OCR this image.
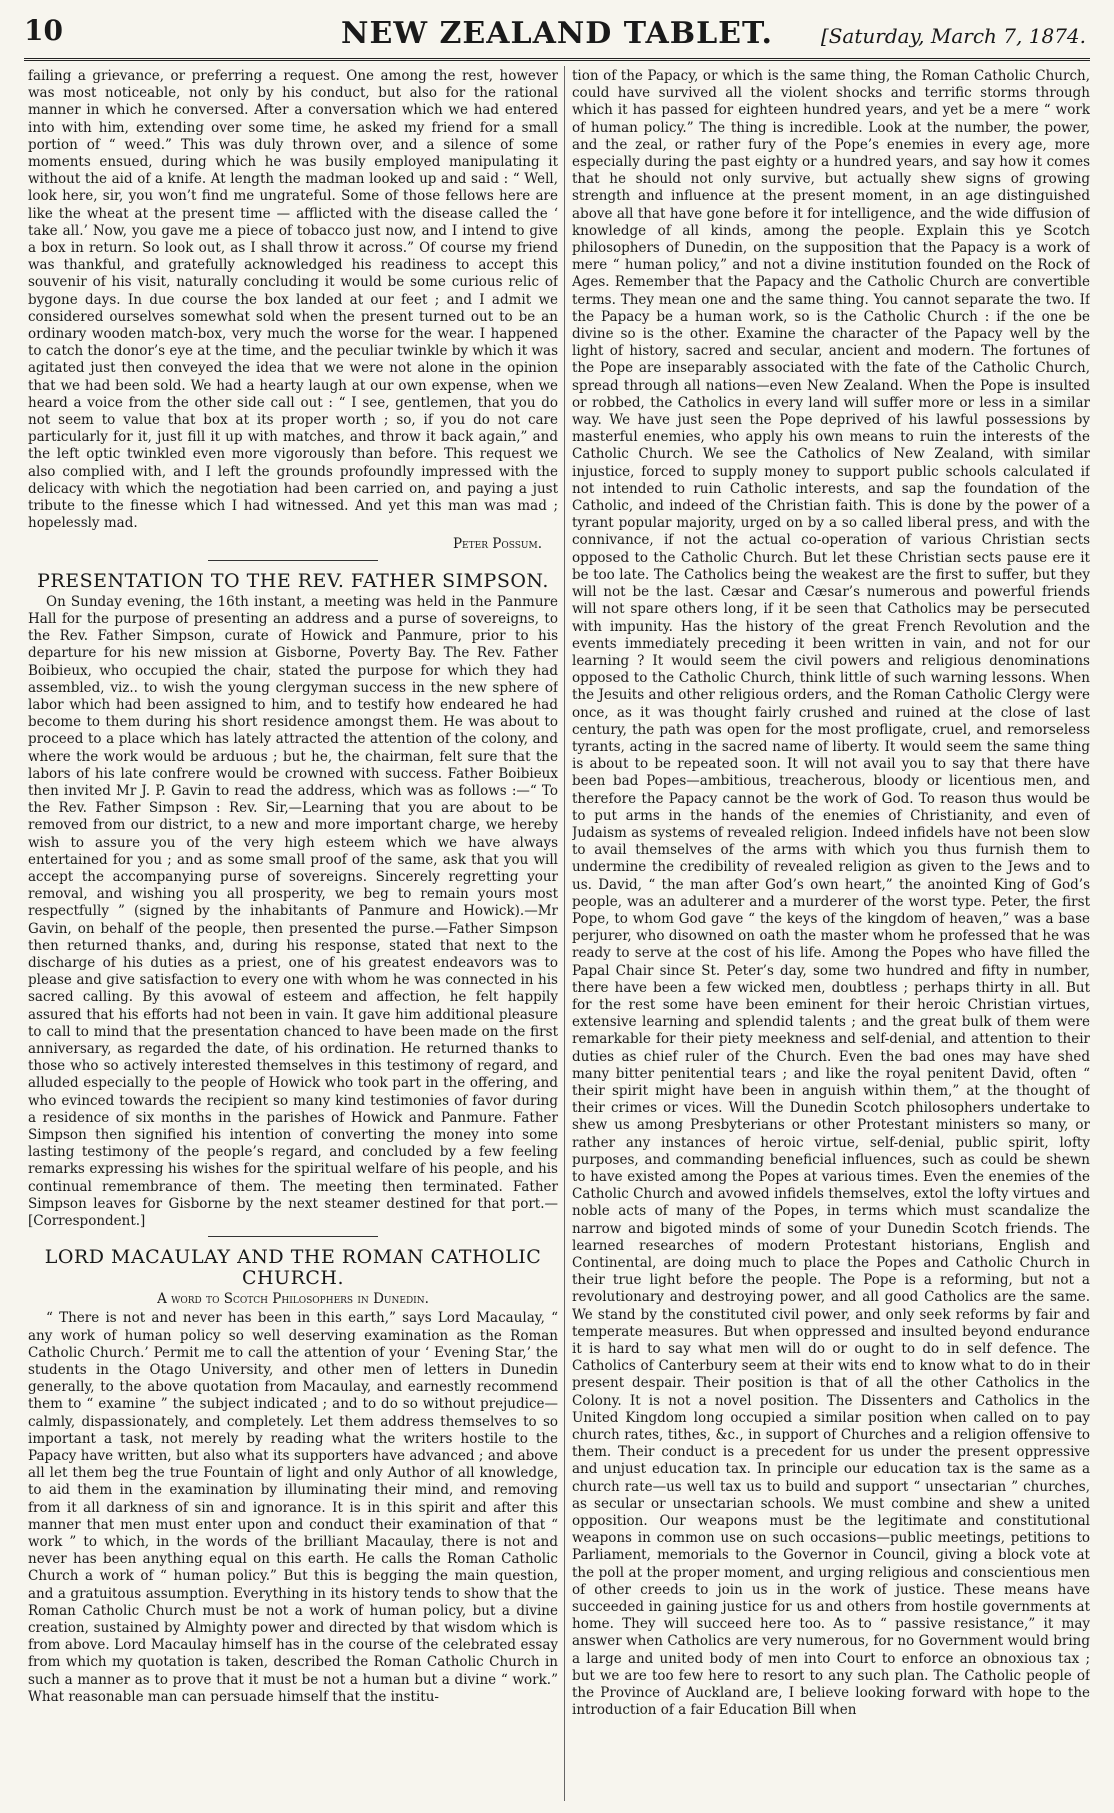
10	NEW ZEALAND TABLET.	[Saturday, March 7, 1874.

failing a grievance, or preferring a request. One among the rest, however was most noticeable, not only by his conduct, but also for the rational manner in which he conversed. After a conversation which we had entered into with him, extending over some time, he asked my friend for a small portion of “ weed.” This was duly thrown over, and a silence of some moments ensued, during which he was busily employed manipulating it without the aid of a knife. At length the madman looked up and said : “ Well, look here, sir, you won’t find me ungrateful. Some of those fellows here are like the wheat at the present time — afflicted with the disease called the ‘ take all.’ Now, you gave me a piece of tobacco just now, and I intend to give a box in return. So look out, as I shall throw it across.” Of course my friend was thankful, and gratefully acknowledged his readiness to accept this souvenir of his visit, naturally concluding it would be some curious relic of bygone days. In due course the box landed at our feet ; and I admit we considered ourselves somewhat sold when the present turned out to be an ordinary wooden match-box, very much the worse for the wear. I happened to catch the donor’s eye at the time, and the peculiar twinkle by which it was agitated just then conveyed the idea that we were not alone in the opinion that we had been sold. We had a hearty laugh at our own expense, when we heard a voice from the other side call out : “ I see, gentlemen, that you do not seem to value that box at its proper worth ; so, if you do not care particularly for it, just fill it up with matches, and throw it back again,” and the left optic twinkled even more vigorously than before. This request we also complied with, and I left the grounds profoundly impressed with the delicacy with which the negotiation had been carried on, and paying a just tribute to the finesse which I had witnessed. And yet this man was mad ; hopelessly mad.

Peter Possum.
PRESENTATION TO THE REV. FATHER SIMPSON.

On Sunday evening, the 16th instant, a meeting was held in the Panmure Hall for the purpose of presenting an address and a purse of sovereigns, to the Rev. Father Simpson, curate of Howick and Panmure, prior to his departure for his new mission at Gisborne, Poverty Bay. The Rev. Father Boibieux, who occupied the chair, stated the purpose for which they had assembled, viz.. to wish the young clergyman success in the new sphere of labor which had been assigned to him, and to testify how endeared he had become to them during his short residence amongst them. He was about to proceed to a place which has lately attracted the attention of the colony, and where the work would be arduous ; but he, the chairman, felt sure that the labors of his late confrere would be crowned with success. Father Boibieux then invited Mr J. P. Gavin to read the address, which was as follows :—“ To the Rev. Father Simpson : Rev. Sir,—Learning that you are about to be removed from our district, to a new and more important charge, we hereby wish to assure you of the very high esteem which we have always entertained for you ; and as some small proof of the same, ask that you will accept the accompanying purse of sovereigns. Sincerely regretting your removal, and wishing you all prosperity, we beg to remain yours most respectfully ” (signed by the inhabitants of Panmure and Howick).—Mr Gavin, on behalf of the people, then presented the purse.—Father Simpson then returned thanks, and, during his response, stated that next to the discharge of his duties as a priest, one of his greatest endeavors was to please and give satisfaction to every one with whom he was connected in his sacred calling. By this avowal of esteem and affection, he felt happily assured that his efforts had not been in vain. It gave him additional pleasure to call to mind that the presentation chanced to have been made on the first anniversary, as regarded the date, of his ordination. He returned thanks to those who so actively interested themselves in this testimony of regard, and alluded especially to the people of Howick who took part in the offering, and who evinced towards the recipient so many kind testimonies of favor during a residence of six months in the parishes of Howick and Panmure. Father Simpson then signified his intention of converting the money into some lasting testimony of the people’s regard, and concluded by a few feeling remarks expressing his wishes for the spiritual welfare of his people, and his continual remembrance of them. The meeting then terminated. Father Simpson leaves for Gisborne by the next steamer destined for that port.—[Correspondent.]

LORD MACAULAY AND THE ROMAN CATHOLIC CHURCH.
A word to Scotch Philosophers in Dunedin.

“ There is not and never has been in this earth,” says Lord Macaulay, “ any work of human policy so well deserving examination as the Roman Catholic Church.’ Permit me to call the attention of your ‘ Evening Star,’ the students in the Otago University, and other men of letters in Dunedin generally, to the above quotation from Macaulay, and earnestly recommend them to “ examine ” the subject indicated ; and to do so without prejudice—calmly, dispassionately, and completely. Let them address themselves to so important a task, not merely by reading what the writers hostile to the Papacy have written, but also what its supporters have advanced ; and above all let them beg the true Fountain of light and only Author of all knowledge, to aid them in the examination by illuminating their mind, and removing from it all darkness of sin and ignorance. It is in this spirit and after this manner that men must enter upon and conduct their examination of that “ work ” to which, in the words of the brilliant Macaulay, there is not and never has been anything equal on this earth. He calls the Roman Catholic Church a work of “ human policy.” But this is begging the main question, and a gratuitous assumption. Everything in its history tends to show that the Roman Catholic Church must be not a work of human policy, but a divine creation, sustained by Almighty power and directed by that wisdom which is from above. Lord Macaulay himself has in the course of the celebrated essay from which my quotation is taken, described the Roman Catholic Church in such a manner as to prove that it must be not a human but a divine “ work.” What reasonable man can persuade himself that the institu-

tion of the Papacy, or which is the same thing, the Roman Catholic Church, could have survived all the violent shocks and terrific storms through which it has passed for eighteen hundred years, and yet be a mere “ work of human policy.” The thing is incredible. Look at the number, the power, and the zeal, or rather fury of the Pope’s enemies in every age, more especially during the past eighty or a hundred years, and say how it comes that he should not only survive, but actually shew signs of growing strength and influence at the present moment, in an age distinguished above all that have gone before it for intelligence, and the wide diffusion of knowledge of all kinds, among the people. Explain this ye Scotch philosophers of Dunedin, on the supposition that the Papacy is a work of mere “ human policy,” and not a divine institution founded on the Rock of Ages. Remember that the Papacy and the Catholic Church are convertible terms. They mean one and the same thing. You cannot separate the two. If the Papacy be a human work, so is the Catholic Church : if the one be divine so is the other. Examine the character of the Papacy well by the light of history, sacred and secular, ancient and modern. The fortunes of the Pope are inseparably associated with the fate of the Catholic Church, spread through all nations—even New Zealand. When the Pope is insulted or robbed, the Catholics in every land will suffer more or less in a similar way. We have just seen the Pope deprived of his lawful possessions by masterful enemies, who apply his own means to ruin the interests of the Catholic Church. We see the Catholics of New Zealand, with similar injustice, forced to supply money to support public schools calculated if not intended to ruin Catholic interests, and sap the foundation of the Catholic, and indeed of the Christian faith. This is done by the power of a tyrant popular majority, urged on by a so called liberal press, and with the connivance, if not the actual co-operation of various Christian sects opposed to the Catholic Church. But let these Christian sects pause ere it be too late. The Catholics being the weakest are the first to suffer, but they will not be the last. Cæsar and Cæsar’s numerous and powerful friends will not spare others long, if it be seen that Catholics may be persecuted with impunity. Has the history of the great French Revolution and the events immediately preceding it been written in vain, and not for our learning ? It would seem the civil powers and religious denominations opposed to the Catholic Church, think little of such warning lessons. When the Jesuits and other religious orders, and the Roman Catholic Clergy were once, as it was thought fairly crushed and ruined at the close of last century, the path was open for the most profligate, cruel, and remorseless tyrants, acting in the sacred name of liberty. It would seem the same thing is about to be repeated soon. It will not avail you to say that there have been bad Popes—ambitious, treacherous, bloody or licentious men, and therefore the Papacy cannot be the work of God. To reason thus would be to put arms in the hands of the enemies of Christianity, and even of Judaism as systems of revealed religion. Indeed infidels have not been slow to avail themselves of the arms with which you thus furnish them to undermine the credibility of revealed religion as given to the Jews and to us. David, “ the man after God’s own heart,” the anointed King of God’s people, was an adulterer and a murderer of the worst type. Peter, the first Pope, to whom God gave “ the keys of the kingdom of heaven,” was a base perjurer, who disowned on oath the master whom he professed that he was ready to serve at the cost of his life. Among the Popes who have filled the Papal Chair since St. Peter’s day, some two hundred and fifty in number, there have been a few wicked men, doubtless ; perhaps thirty in all. But for the rest some have been eminent for their heroic Christian virtues, extensive learning and splendid talents ; and the great bulk of them were remarkable for their piety meekness and self-denial, and attention to their duties as chief ruler of the Church. Even the bad ones may have shed many bitter penitential tears ; and like the royal penitent David, often “ their spirit might have been in anguish within them,” at the thought of their crimes or vices. Will the Dunedin Scotch philosophers undertake to shew us among Presbyterians or other Protestant ministers so many, or rather any instances of heroic virtue, self-denial, public spirit, lofty purposes, and commanding beneficial influences, such as could be shewn to have existed among the Popes at various times. Even the enemies of the Catholic Church and avowed infidels themselves, extol the lofty virtues and noble acts of many of the Popes, in terms which must scandalize the narrow and bigoted minds of some of your Dunedin Scotch friends. The learned researches of modern Protestant historians, English and Continental, are doing much to place the Popes and Catholic Church in their true light before the people. The Pope is a reforming, but not a revolutionary and destroying power, and all good Catholics are the same. We stand by the constituted civil power, and only seek reforms by fair and temperate measures. But when oppressed and insulted beyond endurance it is hard to say what men will do or ought to do in self defence. The Catholics of Canterbury seem at their wits end to know what to do in their present despair. Their position is that of all the other Catholics in the Colony. It is not a novel position. The Dissenters and Catholics in the United Kingdom long occupied a similar position when called on to pay church rates, tithes, &c., in support of Churches and a religion offensive to them. Their conduct is a precedent for us under the present oppressive and unjust education tax. In principle our education tax is the same as a church rate—us well tax us to build and support “ unsectarian ” churches, as secular or unsectarian schools. We must combine and shew a united opposition. Our weapons must be the legitimate and constitutional weapons in common use on such occasions—public meetings, petitions to Parliament, memorials to the Governor in Council, giving a block vote at the poll at the proper moment, and urging religious and conscientious men of other creeds to join us in the work of justice. These means have succeeded in gaining justice for us and others from hostile governments at home. They will succeed here too. As to “ passive resistance,” it may answer when Catholics are very numerous, for no Government would bring a large and united body of men into Court to enforce an obnoxious tax ; but we are too few here to resort to any such plan. The Catholic people of the Province of Auckland are, I believe looking forward with hope to the introduction of a fair Education Bill when
